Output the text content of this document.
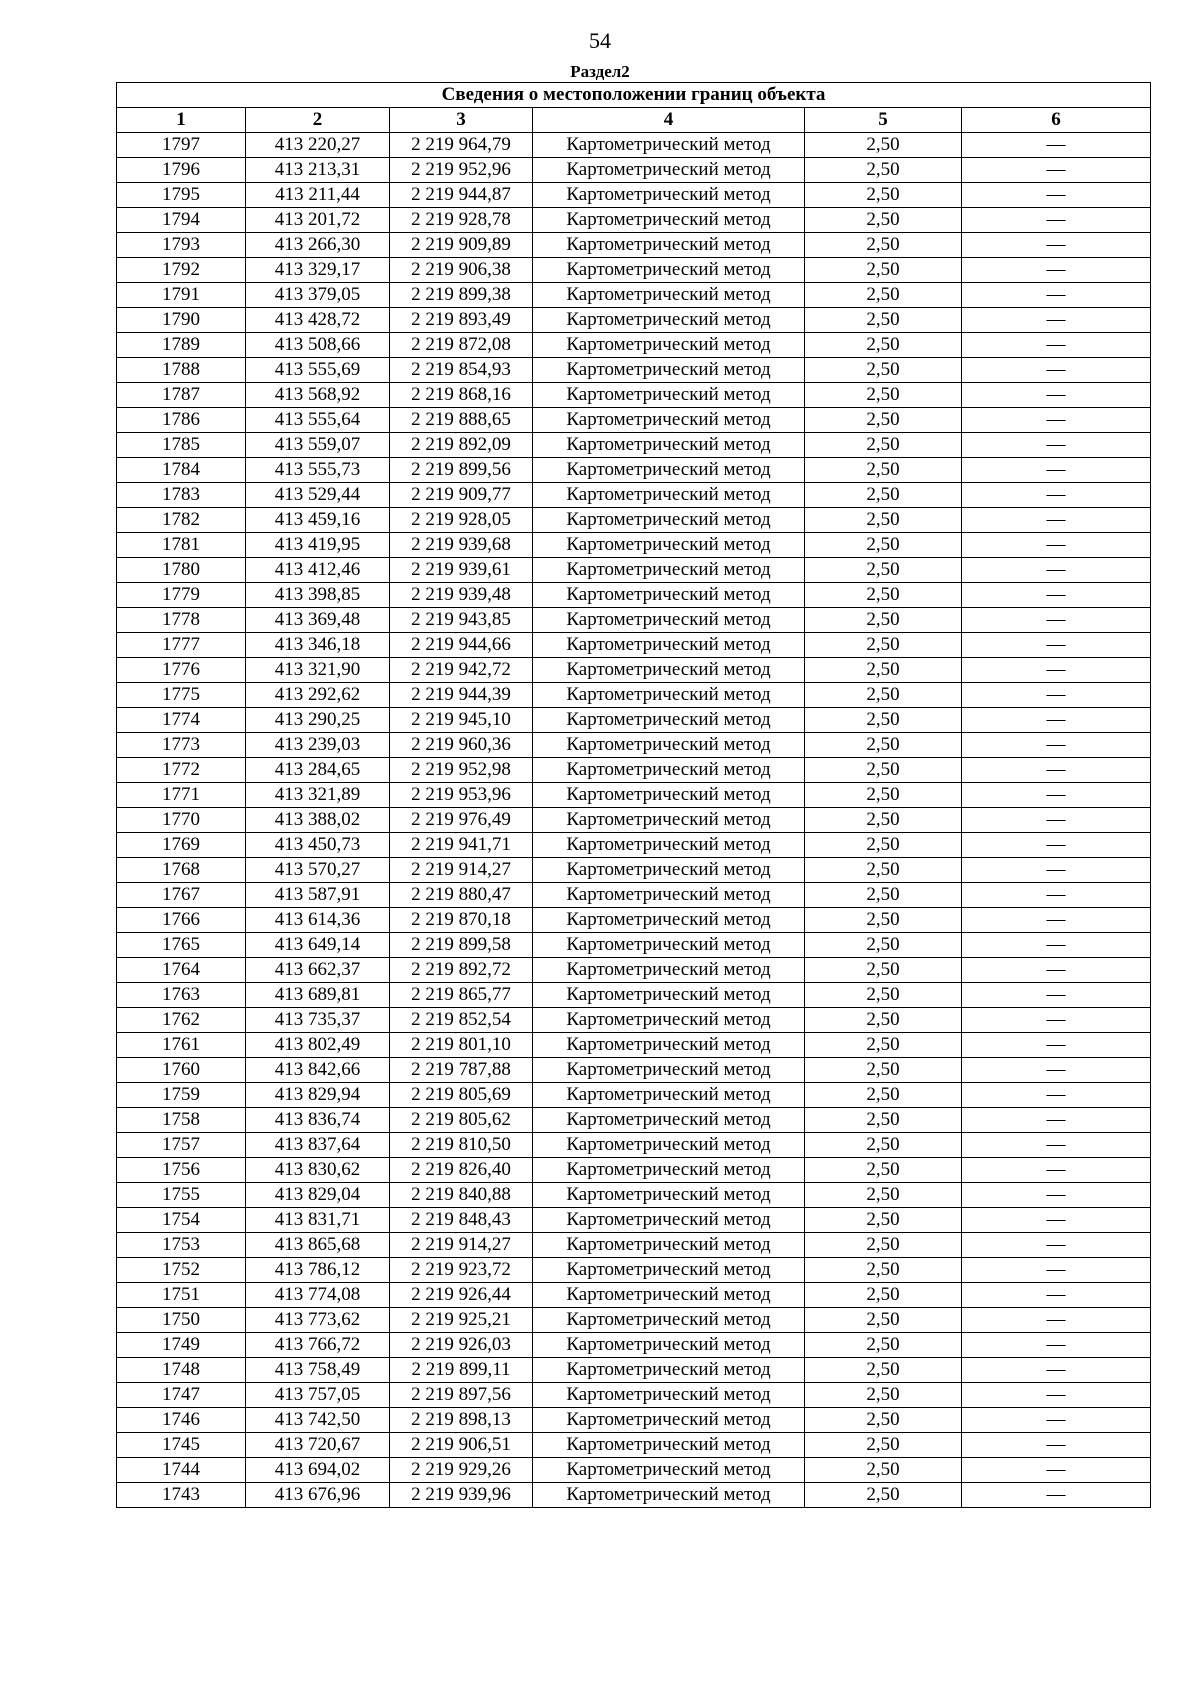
54
Раздел2
Сведения о местоположении границ объекта					
1	2	3	4	5	6
1797	413 220,27	2 219 964,79	Картометрический метод	2,50	—
1796	413 213,31	2 219 952,96	Картометрический метод	2,50	—
1795	413 211,44	2 219 944,87	Картометрический метод	2,50	—
1794	413 201,72	2 219 928,78	Картометрический метод	2,50	—
1793	413 266,30	2 219 909,89	Картометрический метод	2,50	—
1792	413 329,17	2 219 906,38	Картометрический метод	2,50	—
1791	413 379,05	2 219 899,38	Картометрический метод	2,50	—
1790	413 428,72	2 219 893,49	Картометрический метод	2,50	—
1789	413 508,66	2 219 872,08	Картометрический метод	2,50	—
1788	413 555,69	2 219 854,93	Картометрический метод	2,50	—
1787	413 568,92	2 219 868,16	Картометрический метод	2,50	—
1786	413 555,64	2 219 888,65	Картометрический метод	2,50	—
1785	413 559,07	2 219 892,09	Картометрический метод	2,50	—
1784	413 555,73	2 219 899,56	Картометрический метод	2,50	—
1783	413 529,44	2 219 909,77	Картометрический метод	2,50	—
1782	413 459,16	2 219 928,05	Картометрический метод	2,50	—
1781	413 419,95	2 219 939,68	Картометрический метод	2,50	—
1780	413 412,46	2 219 939,61	Картометрический метод	2,50	—
1779	413 398,85	2 219 939,48	Картометрический метод	2,50	—
1778	413 369,48	2 219 943,85	Картометрический метод	2,50	—
1777	413 346,18	2 219 944,66	Картометрический метод	2,50	—
1776	413 321,90	2 219 942,72	Картометрический метод	2,50	—
1775	413 292,62	2 219 944,39	Картометрический метод	2,50	—
1774	413 290,25	2 219 945,10	Картометрический метод	2,50	—
1773	413 239,03	2 219 960,36	Картометрический метод	2,50	—
1772	413 284,65	2 219 952,98	Картометрический метод	2,50	—
1771	413 321,89	2 219 953,96	Картометрический метод	2,50	—
1770	413 388,02	2 219 976,49	Картометрический метод	2,50	—
1769	413 450,73	2 219 941,71	Картометрический метод	2,50	—
1768	413 570,27	2 219 914,27	Картометрический метод	2,50	—
1767	413 587,91	2 219 880,47	Картометрический метод	2,50	—
1766	413 614,36	2 219 870,18	Картометрический метод	2,50	—
1765	413 649,14	2 219 899,58	Картометрический метод	2,50	—
1764	413 662,37	2 219 892,72	Картометрический метод	2,50	—
1763	413 689,81	2 219 865,77	Картометрический метод	2,50	—
1762	413 735,37	2 219 852,54	Картометрический метод	2,50	—
1761	413 802,49	2 219 801,10	Картометрический метод	2,50	—
1760	413 842,66	2 219 787,88	Картометрический метод	2,50	—
1759	413 829,94	2 219 805,69	Картометрический метод	2,50	—
1758	413 836,74	2 219 805,62	Картометрический метод	2,50	—
1757	413 837,64	2 219 810,50	Картометрический метод	2,50	—
1756	413 830,62	2 219 826,40	Картометрический метод	2,50	—
1755	413 829,04	2 219 840,88	Картометрический метод	2,50	—
1754	413 831,71	2 219 848,43	Картометрический метод	2,50	—
1753	413 865,68	2 219 914,27	Картометрический метод	2,50	—
1752	413 786,12	2 219 923,72	Картометрический метод	2,50	—
1751	413 774,08	2 219 926,44	Картометрический метод	2,50	—
1750	413 773,62	2 219 925,21	Картометрический метод	2,50	—
1749	413 766,72	2 219 926,03	Картометрический метод	2,50	—
1748	413 758,49	2 219 899,11	Картометрический метод	2,50	—
1747	413 757,05	2 219 897,56	Картометрический метод	2,50	—
1746	413 742,50	2 219 898,13	Картометрический метод	2,50	—
1745	413 720,67	2 219 906,51	Картометрический метод	2,50	—
1744	413 694,02	2 219 929,26	Картометрический метод	2,50	—
1743	413 676,96	2 219 939,96	Картометрический метод	2,50	—
